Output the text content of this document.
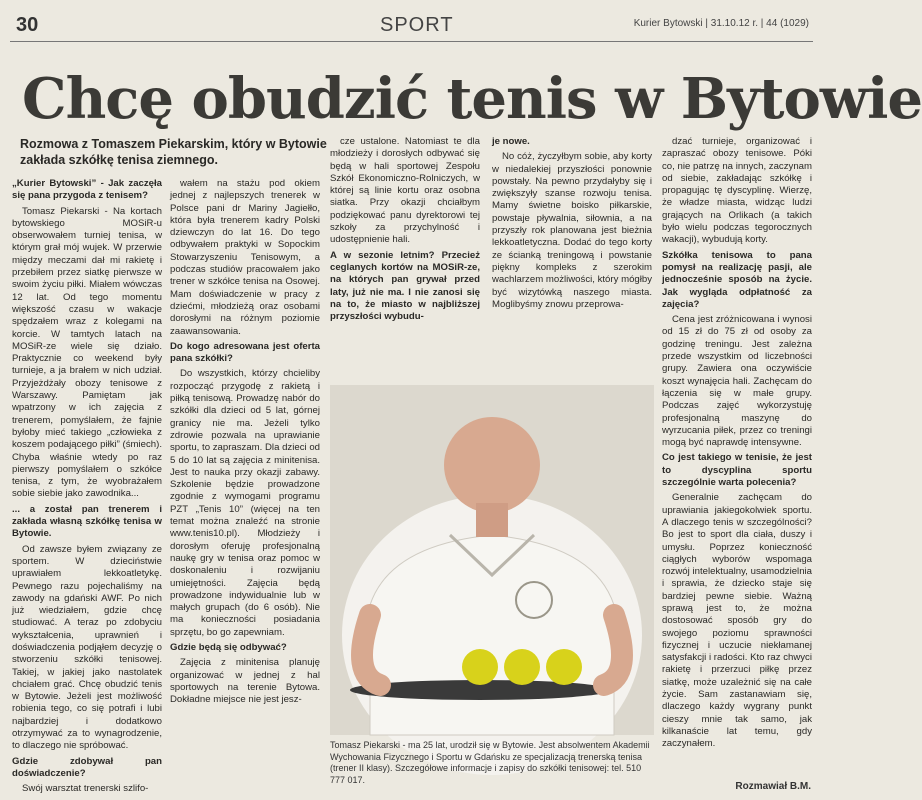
30	SPORT	Kurier Bytowski | 31.10.12 r. | 44 (1029)
Chcę obudzić tenis w Bytowie
Rozmowa z Tomaszem Piekarskim, który w Bytowie zakłada szkółkę tenisa ziemnego.

„Kurier Bytowski” - Jak zaczęła się pana przygoda z tenisem?

Tomasz Piekarski - Na kortach bytowskiego MOSiR-u obserwowałem turniej tenisa, w którym grał mój wujek. W przerwie między meczami dał mi rakietę i przebiłem przez siatkę pierwsze w swoim życiu piłki. Miałem wówczas 12 lat. Od tego momentu większość czasu w wakacje spędzałem wraz z kolegami na korcie. W tamtych latach na MOSiR-ze wiele się działo. Praktycznie co weekend były turnieje, a ja brałem w nich udział. Przyjeżdżały obozy tenisowe z Warszawy. Pamiętam jak wpatrzony w ich zajęcia z trenerem, pomyślałem, że fajnie byłoby mieć takiego „człowieka z koszem podającego piłki” (śmiech). Chyba właśnie wtedy po raz pierwszy pomyślałem o szkółce tenisa, z tym, że wyobrażałem sobie siebie jako zawodnika...

... a został pan trenerem i zakłada własną szkółkę tenisa w Bytowie.

Od zawsze byłem związany ze sportem. W dzieciństwie uprawiałem lekkoatletykę. Pewnego razu pojechaliśmy na zawody na gdański AWF. Po nich już wiedziałem, gdzie chcę studiować. A teraz po zdobyciu wykształcenia, uprawnień i doświadczenia podjąłem decyzję o stworzeniu szkółki tenisowej. Takiej, w jakiej jako nastolatek chciałem grać. Chcę obudzić tenis w Bytowie. Jeżeli jest możliwość robienia tego, co się potrafi i lubi najbardziej i dodatkowo otrzymywać za to wynagrodzenie, to dlaczego nie spróbować.

Gdzie zdobywał pan doświadczenie?

Swój warsztat trenerski szlifo-

wałem na stażu pod okiem jednej z najlepszych trenerek w Polsce pani dr Mariny Jagiełło, która była trenerem kadry Polski dziewczyn do lat 16. Do tego odbywałem praktyki w Sopockim Stowarzyszeniu Tenisowym, a podczas studiów pracowałem jako trener w szkółce tenisa na Osowej. Mam doświadczenie w pracy z dziećmi, młodzieżą oraz osobami dorosłymi na różnym poziomie zaawansowania.

Do kogo adresowana jest oferta pana szkółki?

Do wszystkich, którzy chcieliby rozpocząć przygodę z rakietą i piłką tenisową. Prowadzę nabór do szkółki dla dzieci od 5 lat, górnej granicy nie ma. Jeżeli tylko zdrowie pozwala na uprawianie sportu, to zapraszam. Dla dzieci od 5 do 10 lat są zajęcia z minitenisa. Jest to nauka przy okazji zabawy. Szkolenie będzie prowadzone zgodnie z wymogami programu PZT „Tenis 10” (więcej na ten temat można znaleźć na stronie www.tenis10.pl). Młodzieży i dorosłym oferuję profesjonalną naukę gry w tenisa oraz pomoc w doskonaleniu i rozwijaniu umiejętności. Zajęcia będą prowadzone indywidualnie lub w małych grupach (do 6 osób). Nie ma konieczności posiadania sprzętu, bo go zapewniam.

Gdzie będą się odbywać?

Zajęcia z minitenisa planuję organizować w jednej z hal sportowych na terenie Bytowa. Dokładne miejsce nie jest jesz-

cze ustalone. Natomiast te dla młodzieży i dorosłych odbywać się będą w hali sportowej Zespołu Szkół Ekonomiczno-Rolniczych, w której są linie kortu oraz osobna siatka. Przy okazji chciałbym podziękować panu dyrektorowi tej szkoły za przychylność i udostępnienie hali.

A w sezonie letnim? Przecież ceglanych kortów na MOSiR-ze, na których pan grywał przed laty, już nie ma. I nie zanosi się na to, że miasto w najbliższej przyszłości wybudu-

je nowe.

No cóż, życzyłbym sobie, aby korty w niedalekiej przyszłości ponownie powstały. Na pewno przydałyby się i zwiększyły szanse rozwoju tenisa. Mamy świetne boisko piłkarskie, powstaje pływalnia, siłownia, a na przyszły rok planowana jest bieżnia lekkoatletyczna. Dodać do tego korty ze ścianką treningową i powstanie piękny kompleks z szerokim wachlarzem możliwości, który mógłby być wizytówką naszego miasta. Moglibyśmy znowu przeprowa-

dzać turnieje, organizować i zapraszać obozy tenisowe. Póki co, nie patrzę na innych, zaczynam od siebie, zakładając szkółkę i propagując tę dyscyplinę. Wierzę, że władze miasta, widząc ludzi grających na Orlikach (a takich było wielu podczas tegorocznych wakacji), wybudują korty.

Szkółka tenisowa to pana pomysł na realizację pasji, ale jednocześnie sposób na życie. Jak wygląda odpłatność za zajęcia?

Cena jest zróżnicowana i wynosi od 15 zł do 75 zł od osoby za godzinę treningu. Jest zależna przede wszystkim od liczebności grupy. Zawiera ona oczywiście koszt wynajęcia hali. Zachęcam do łączenia się w małe grupy. Podczas zajęć wykorzystuję profesjonalną maszynę do wyrzucania piłek, przez co treningi mogą być naprawdę intensywne.

Co jest takiego w tenisie, że jest to dyscyplina sportu szczególnie warta polecenia?

Generalnie zachęcam do uprawiania jakiegokolwiek sportu. A dlaczego tenis w szczególności? Bo jest to sport dla ciała, duszy i umysłu. Poprzez konieczność ciągłych wyborów wspomaga rozwój intelektualny, usamodzielnia i sprawia, że dziecko staje się bardziej pewne siebie. Ważną sprawą jest to, że można dostosować sposób gry do swojego poziomu sprawności fizycznej i uczucie niekłamanej satysfakcji i radości. Kto raz chwyci rakietę i przerzuci piłkę przez siatkę, może uzależnić się na całe życie. Sam zastanawiam się, dlaczego każdy wygrany punkt cieszy mnie tak samo, jak kilkanaście lat temu, gdy zaczynałem.

Tomasz Piekarski - ma 25 lat, urodził się w Bytowie. Jest absolwentem Akademii Wychowania Fizycznego i Sportu w Gdańsku ze specjalizacją trenerską tenisa (trener II klasy). Szczegółowe informacje i zapisy do szkółki tenisowej: tel. 510 777 017.
Rozmawiał B.M.
